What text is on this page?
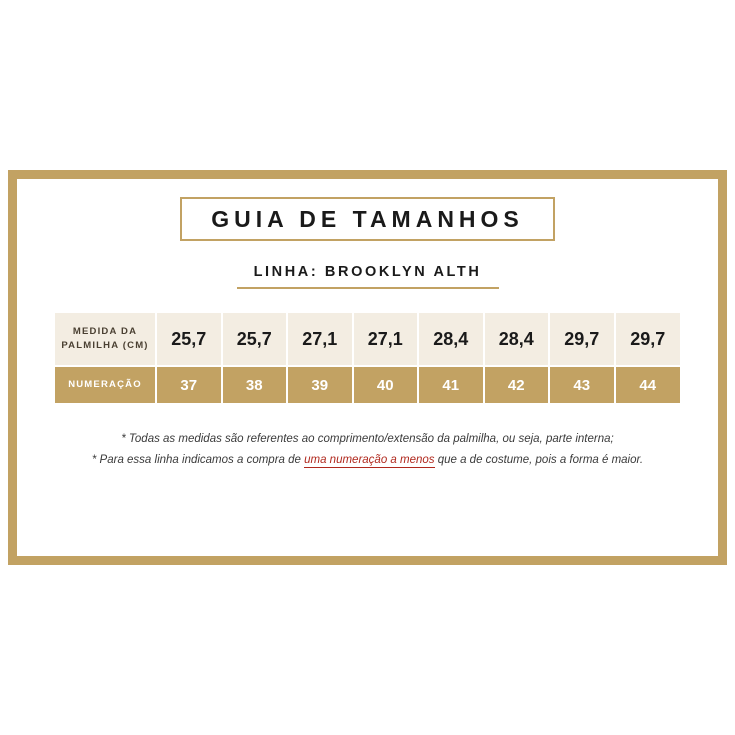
GUIA DE TAMANHOS
LINHA: BROOKLYN ALTH
MEDIDA DA
PALMILHA (CM)	25,7	25,7	27,1	27,1	28,4	28,4	29,7	29,7
NUMERAÇÃO	37	38	39	40	41	42	43	44
* Todas as medidas são referentes ao comprimento/extensão da palmilha, ou seja, parte interna;
* Para essa linha indicamos a compra de uma numeração a menos que a de costume, pois a forma é maior.
